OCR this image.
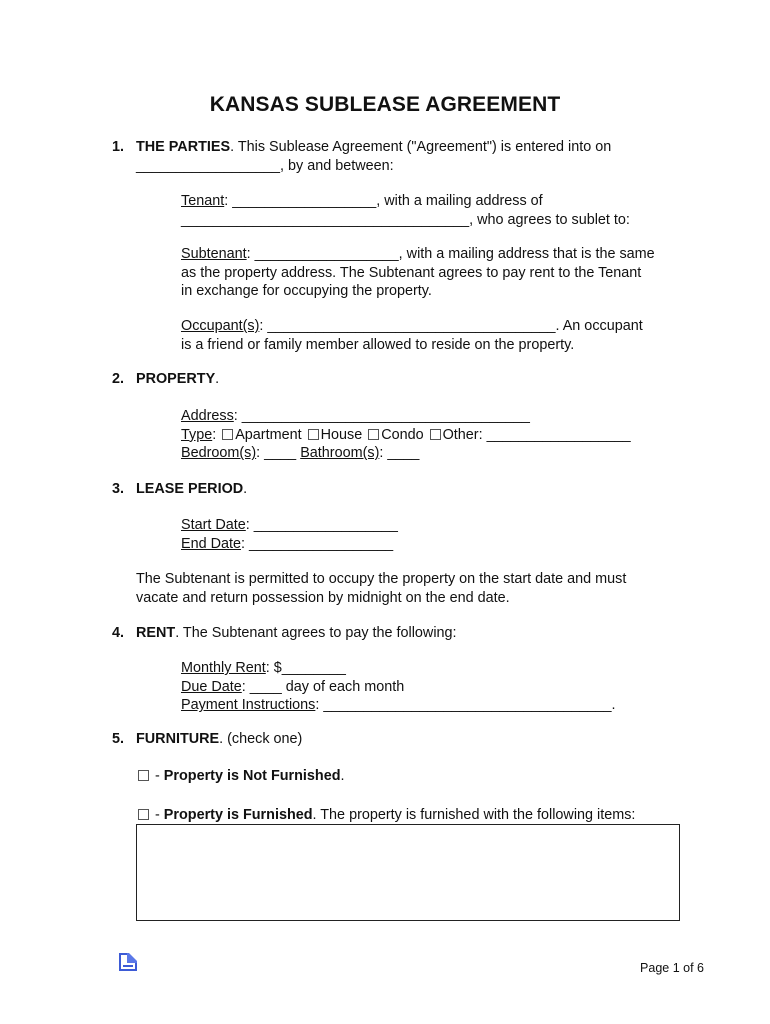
KANSAS SUBLEASE AGREEMENT
1. THE PARTIES. This Sublease Agreement ("Agreement") is entered into on
__________________, by and between:
Tenant: __________________, with a mailing address of
____________________________________, who agrees to sublet to:
Subtenant: __________________, with a mailing address that is the same
as the property address. The Subtenant agrees to pay rent to the Tenant
in exchange for occupying the property.
Occupant(s): ____________________________________. An occupant
is a friend or family member allowed to reside on the property.
2. PROPERTY.
Address: ____________________________________
Type: Apartment House Condo Other: __________________
Bedroom(s): ____ Bathroom(s): ____
3. LEASE PERIOD.
Start Date: __________________
End Date: __________________
The Subtenant is permitted to occupy the property on the start date and must
vacate and return possession by midnight on the end date.
4. RENT. The Subtenant agrees to pay the following:
Monthly Rent: $________
Due Date: ____ day of each month
Payment Instructions: ____________________________________.
5. FURNITURE. (check one)
- Property is Not Furnished.
- Property is Furnished. The property is furnished with the following items:
Page 1 of 6
